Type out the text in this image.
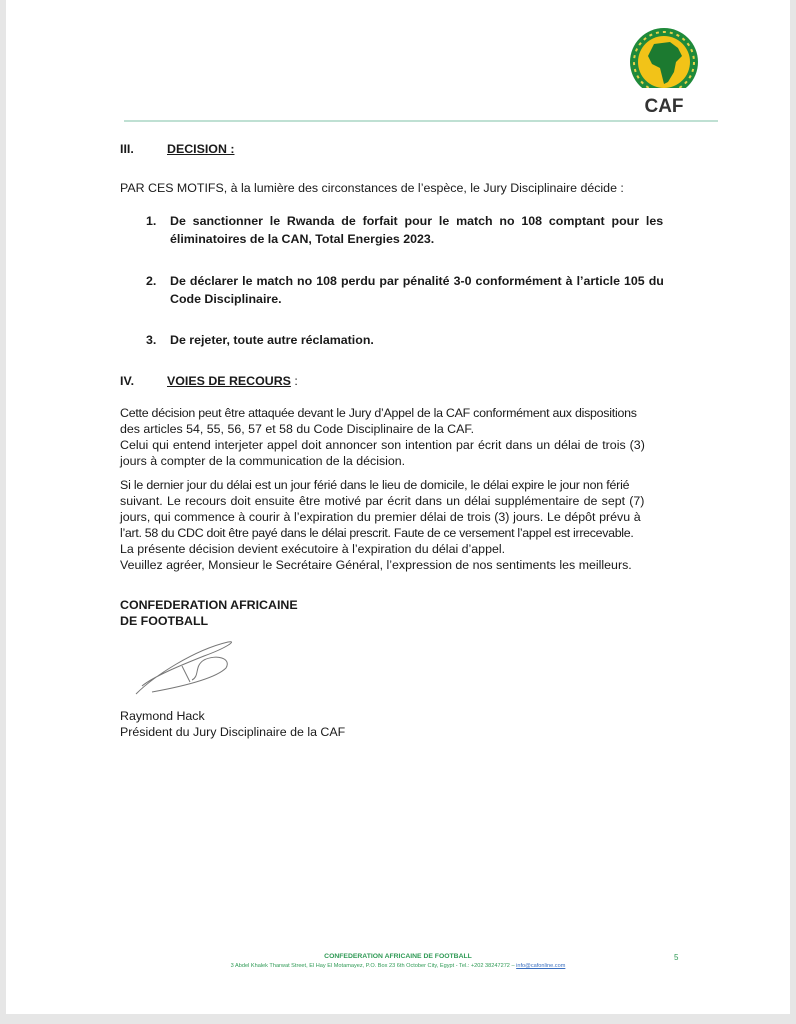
CAF
III.	DECISION :
PAR CES MOTIFS, à la lumière des circonstances de l’espèce, le Jury Disciplinaire décide :
1. De sanctionner le Rwanda de forfait pour le match no 108 comptant pour les
éliminatoires de la CAN, Total Energies 2023.
2. De déclarer le match no 108 perdu par pénalité 3-0 conformément à l’article 105 du
Code Disciplinaire.
3. De rejeter, toute autre réclamation.
IV.	VOIES DE RECOURS :
Cette décision peut être attaquée devant le Jury d’Appel de la CAF conformément aux dispositions
des articles 54, 55, 56, 57 et 58 du Code Disciplinaire de la CAF.
Celui qui entend interjeter appel doit annoncer son intention par écrit dans un délai de trois (3)
jours à compter de la communication de la décision.
Si le dernier jour du délai est un jour férié dans le lieu de domicile, le délai expire le jour non férié
suivant. Le recours doit ensuite être motivé par écrit dans un délai supplémentaire de sept (7)
jours, qui commence à courir à l’expiration du premier délai de trois (3) jours. Le dépôt prévu à
l’art. 58 du CDC doit être payé dans le délai prescrit. Faute de ce versement l’appel est irrecevable.
La présente décision devient exécutoire à l’expiration du délai d’appel.
Veuillez agréer, Monsieur le Secrétaire Général, l’expression de nos sentiments les meilleurs.
CONFEDERATION AFRICAINE
DE FOOTBALL
Raymond Hack
Président du Jury Disciplinaire de la CAF
CONFEDERATION AFRICAINE DE FOOTBALL
3 Abdel Khalek Tharwat Street, El Hay El Motamayez, P.O. Box 23 6th October City, Egypt - Tel.: +202 38247272 – info@cafonline.com
5
